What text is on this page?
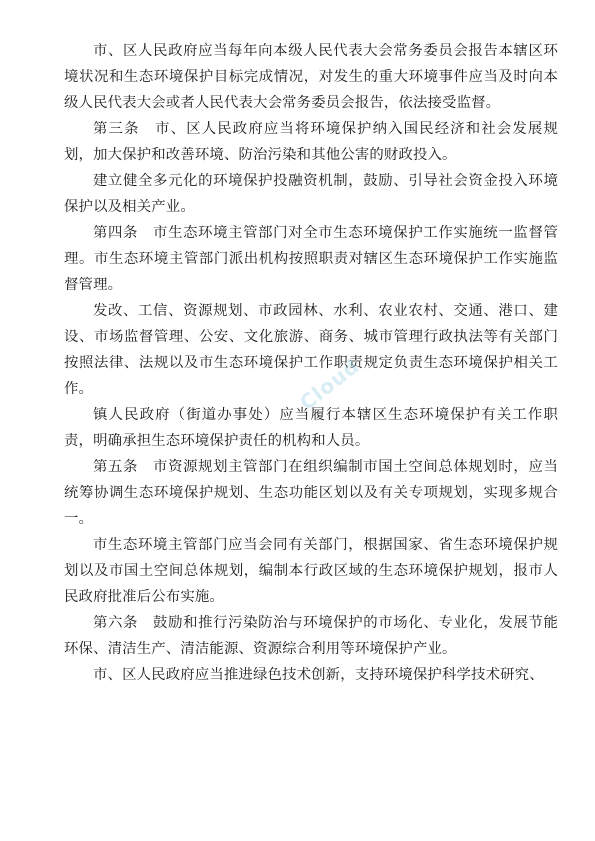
市、区人民政府应当每年向本级人民代表大会常务委员会报告本辖区环境状况和生态环境保护目标完成情况，对发生的重大环境事件应当及时向本级人民代表大会或者人民代表大会常务委员会报告，依法接受监督。

第三条　市、区人民政府应当将环境保护纳入国民经济和社会发展规划，加大保护和改善环境、防治污染和其他公害的财政投入。

建立健全多元化的环境保护投融资机制，鼓励、引导社会资金投入环境保护以及相关产业。

第四条　市生态环境主管部门对全市生态环境保护工作实施统一监督管理。市生态环境主管部门派出机构按照职责对辖区生态环境保护工作实施监督管理。

发改、工信、资源规划、市政园林、水利、农业农村、交通、港口、建设、市场监督管理、公安、文化旅游、商务、城市管理行政执法等有关部门按照法律、法规以及市生态环境保护工作职责规定负责生态环境保护相关工作。

镇人民政府（街道办事处）应当履行本辖区生态环境保护有关工作职责，明确承担生态环境保护责任的机构和人员。

第五条　市资源规划主管部门在组织编制市国土空间总体规划时，应当统筹协调生态环境保护规划、生态功能区划以及有关专项规划，实现多规合一。

市生态环境主管部门应当会同有关部门，根据国家、省生态环境保护规划以及市国土空间总体规划，编制本行政区域的生态环境保护规划，报市人民政府批准后公布实施。

第六条　鼓励和推行污染防治与环境保护的市场化、专业化，发展节能环保、清洁生产、清洁能源、资源综合利用等环境保护产业。

市、区人民政府应当推进绿色技术创新，支持环境保护科学技术研究、

Cloud
